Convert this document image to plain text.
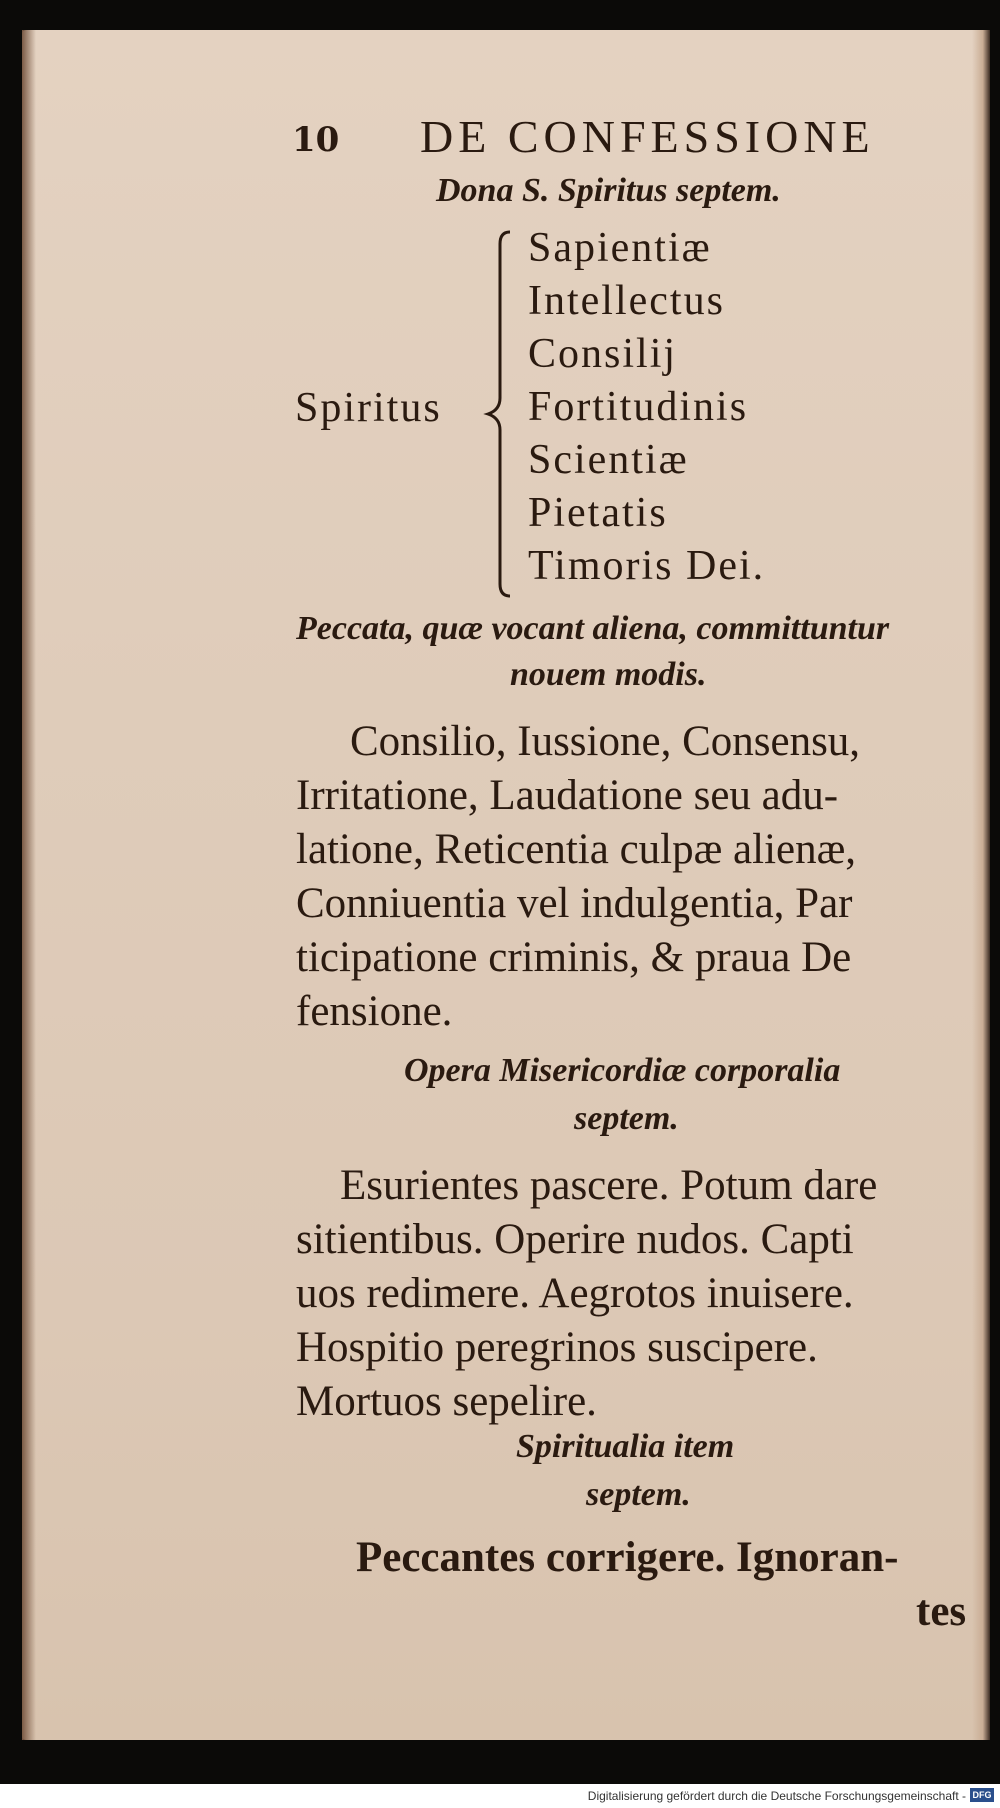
10 DE CONFESSIONE
Dona S. Spiritus septem.
Spiritus
Sapientiæ
Intellectus
Consilij
Fortitudinis
Scientiæ
Pietatis
Timoris Dei.
Peccata, quæ vocant aliena, committuntur
nouem modis.
Consilio, Iussione, Consensu,
Irritatione, Laudatione seu adu-
latione, Reticentia culpæ alienæ,
Conniuentia vel indulgentia, Par
ticipatione criminis, & praua De
fensione.
Opera Misericordiæ corporalia
septem.
Esurientes pascere. Potum dare
sitientibus. Operire nudos. Capti
uos redimere. Aegrotos inuisere.
Hospitio peregrinos suscipere.
Mortuos sepelire.
Spiritualia item
septem.
Peccantes corrigere. Ignoran-
tes
Digitalisierung gefördert durch die Deutsche Forschungsgemeinschaft - DFG
